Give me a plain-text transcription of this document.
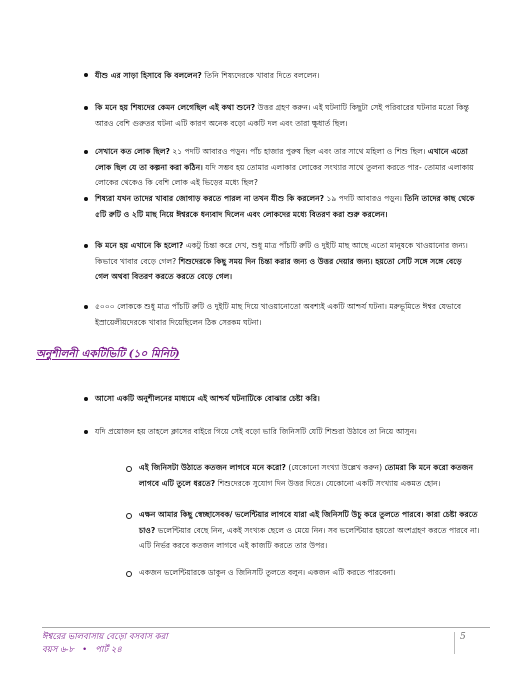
যীশু এর সাড়া হিসাবে কি বললেন? তিনি শিষ্যদেরকে খাবার দিতে বললেন।
কি মনে হয় শিষ্যদের কেমন লেগেছিল এই কথা শুনে? উত্তর গ্রহণ করুন। এই ঘটনাটি কিছুটা সেই পরিবারের ঘটনার মতো কিন্তু আরও বেশি গুরুতর ঘটনা এটি কারণ অনেক বড়ো একটি দল এবং তারা ক্ষুধার্ত ছিল।
সেখানে কত লোক ছিল? ২১ পদটি আবারও পড়ুন। পাঁচ হাজার পুরুষ ছিল এবং তার সাথে মহিলা ও শিশু ছিল। এখানে এতো লোক ছিল যে তা কল্পনা করা কঠিন। যদি সম্ভব হয় তোমার এলাকার লোকের সংখ্যার সাথে তুলনা করতে পার- তোমার এলাকায় লোকের থেকেও কি বেশি লোক এই ভিড়ের মধ্যে ছিল?
শিষ্যরা যখন তাদের খাবার জোগাড় করতে পারল না তখন যীশু কি করলেন? ১৯ পদটি আবারও পড়ুন। তিনি তাদের কাছ থেকে ৫টি রুটি ও ২টি মাছ নিয়ে ঈশ্বরকে ধন্যবাদ দিলেন এবং লোকদের মধ্যে বিতরণ করা শুরু করলেন।
কি মনে হয় এখানে কি হলো? একটু চিন্তা করে দেখ, শুধু মাত্র পাঁচটি রুটি ও দুইটি মাছ আছে এতো মানুষকে খাওয়ানোর জন্য। কিভাবে খাবার বেড়ে গেল? শিশুদেরকে কিছু সময় দিন চিন্তা করার জন্য ও উত্তর দেয়ার জন্য। হয়তো সেটি সঙ্গে সঙ্গে বেড়ে গেল অথবা বিতরণ করতে করতে বেড়ে গেল।
৫০০০ লোককে শুধু মাত্র পাঁচটি রুটি ও দুইটি মাছ দিয়ে খাওয়ানোতো অবশ্যই একটি আশ্চর্য ঘটনা। মরুভূমিতে ঈশ্বর যেভাবে ইস্রায়েলীয়দেরকে খাবার দিয়েছিলেন ঠিক সেরকম ঘটনা।
অনুশীলনী একটিভিটি (১০ মিনিট)
আসো একটি অনুশীলনের মাধ্যমে এই আশ্চর্য ঘটনাটিকে বোঝার চেষ্টা করি।
যদি প্রয়োজন হয় তাহলে ক্লাসের বাইরে গিয়ে সেই বড়ো ভারি জিনিসটি যেটি শিশুরা উঠাবে তা নিয়ে আসুন।
এই জিনিসটা উঠাতে কতজন লাগবে মনে করো? (যেকোনো সংখ্যা উল্লেখ করুন) তোমরা কি মনে করো কতজন লাগবে এটি তুলে ধরতে? শিশুদেরকে সুযোগ দিন উত্তর দিতে। যেকোনো একটি সংখ্যায় একমত হোন।
এক্ষন আমার কিছু স্বেচ্ছাসেবক/ ভলেন্টিয়ার লাগবে যারা এই জিনিসটি উচু করে তুলতে পারবে। কারা চেষ্টা করতে চাও? ভলেন্টিয়ার বেছে নিন, একই সংখ্যক ছেলে ও মেয়ে নিন। সব ভলেন্টিয়ার হয়তো অংশগ্রহণ করতে পারবে না। এটি নির্ভর করবে কতজন লাগবে এই কাজটি করতে তার উপর।
একজন ভলেন্টিয়ারকে ডাকুন ও জিনিসটি তুলতে বলুন। একজন এটি করতে পারবেনা।
ঈশ্বরের ভালবাসায় বেড়ো বসবাস করা
বয়স ৬-৮ • পার্ট ২৪
5
